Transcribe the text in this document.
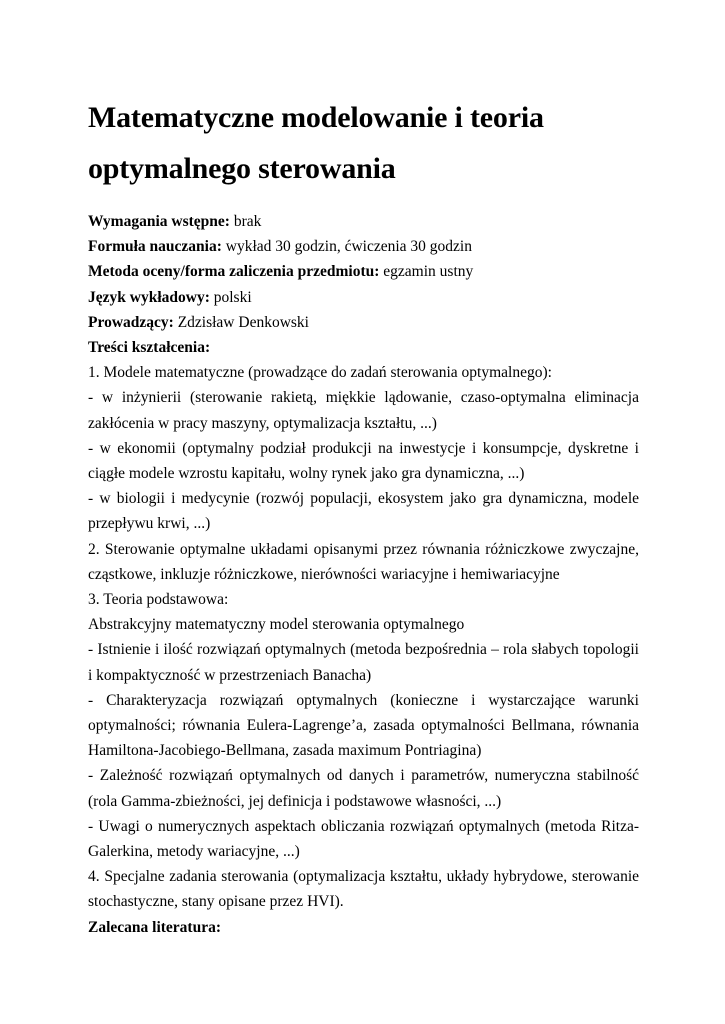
Matematyczne modelowanie i teoria
optymalnego sterowania

Wymagania wstępne: brak

Formuła nauczania: wykład 30 godzin, ćwiczenia 30 godzin

Metoda oceny/forma zaliczenia przedmiotu: egzamin ustny

Język wykładowy: polski

Prowadzący: Zdzisław Denkowski

Treści kształcenia:

1. Modele matematyczne (prowadzące do zadań sterowania optymalnego):

- w inżynierii (sterowanie rakietą, miękkie lądowanie, czaso-optymalna eliminacja zakłócenia w pracy maszyny, optymalizacja kształtu, ...)

- w ekonomii (optymalny podział produkcji na inwestycje i konsumpcje, dyskretne i ciągłe modele wzrostu kapitału, wolny rynek jako gra dynamiczna, ...)

- w biologii i medycynie (rozwój populacji, ekosystem jako gra dynamiczna, modele przepływu krwi, ...)

2. Sterowanie optymalne układami opisanymi przez równania różniczkowe zwyczajne, cząstkowe, inkluzje różniczkowe, nierówności wariacyjne i hemiwariacyjne

3. Teoria podstawowa:

Abstrakcyjny matematyczny model sterowania optymalnego

- Istnienie i ilość rozwiązań optymalnych (metoda bezpośrednia – rola słabych topologii i kompaktyczność w przestrzeniach Banacha)

- Charakteryzacja rozwiązań optymalnych (konieczne i wystarczające warunki optymalności; równania Eulera-Lagrenge’a, zasada optymalności Bellmana, równania Hamiltona-Jacobiego-Bellmana, zasada maximum Pontriagina)

- Zależność rozwiązań optymalnych od danych i parametrów, numeryczna stabilność (rola Gamma-zbieżności, jej definicja i podstawowe własności, ...)

- Uwagi o numerycznych aspektach obliczania rozwiązań optymalnych (metoda Ritza-Galerkina, metody wariacyjne, ...)

4. Specjalne zadania sterowania (optymalizacja kształtu, układy hybrydowe, sterowanie stochastyczne, stany opisane przez HVI).

Zalecana literatura:
